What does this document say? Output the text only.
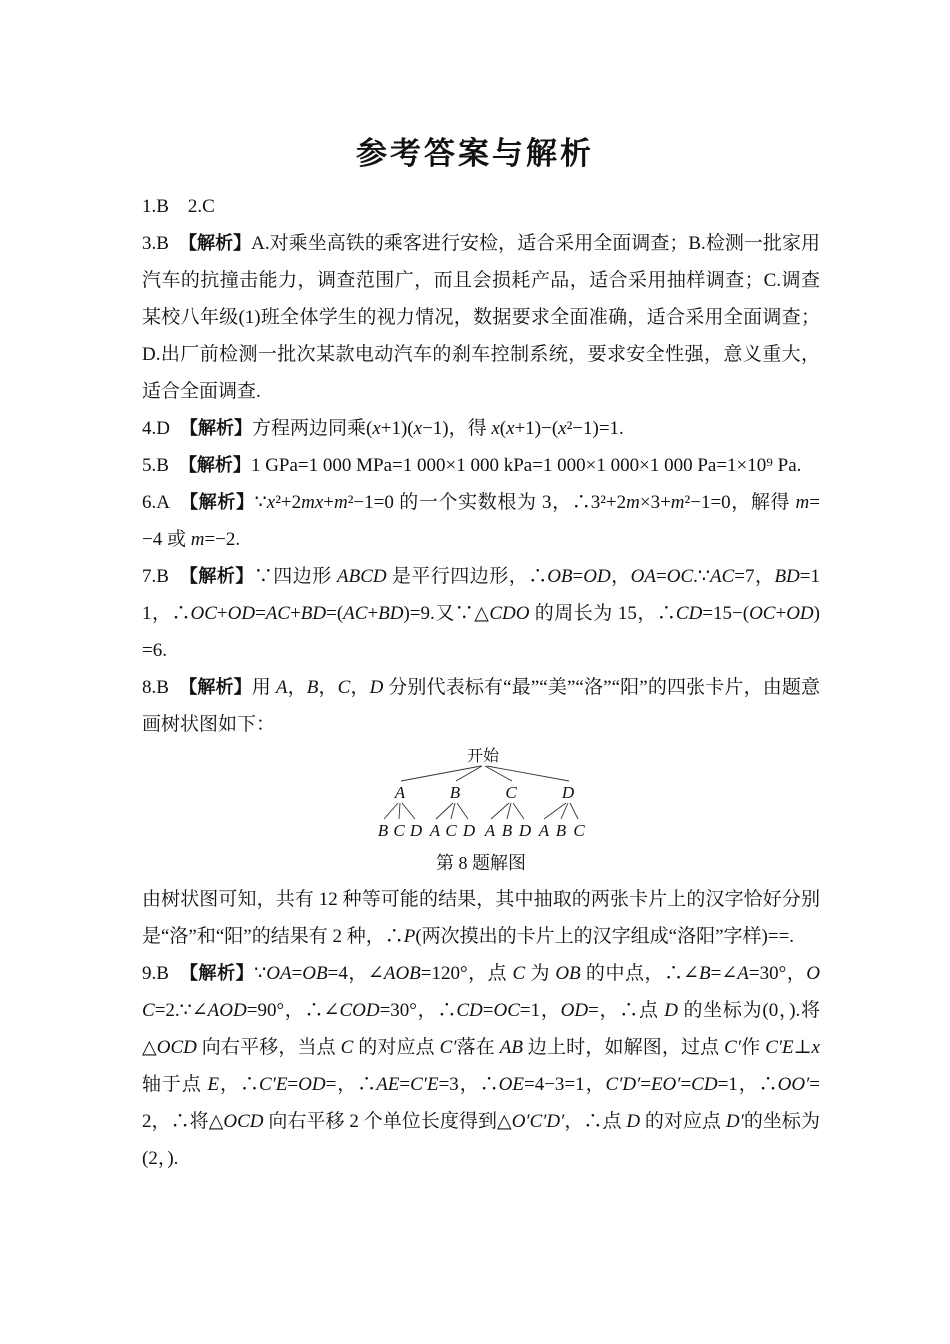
参考答案与解析

1.B　2.C

3.B　【解析】A.对乘坐高铁的乘客进行安检，适合采用全面调查；B.检测一批家用汽车的抗撞击能力，调查范围广，而且会损耗产品，适合采用抽样调查；C.调查某校八年级(1)班全体学生的视力情况，数据要求全面准确，适合采用全面调查；D.出厂前检测一批次某款电动汽车的刹车控制系统，要求安全性强，意义重大，适合全面调查.

4.D　【解析】方程两边同乘(x+1)(x−1)，得 x(x+1)−(x²−1)=1.

5.B　【解析】1 GPa=1 000 MPa=1 000×1 000 kPa=1 000×1 000×1 000 Pa=1×10⁹ Pa.

6.A　【解析】∵x²+2mx+m²−1=0 的一个实数根为 3，∴3²+2m×3+m²−1=0，解得 m=−4 或 m=−2.

7.B　【解析】∵四边形 ABCD 是平行四边形，∴OB=OD，OA=OC.∵AC=7，BD=11，∴OC+OD=AC+BD=(AC+BD)=9.又∵△CDO 的周长为 15，∴CD=15−(OC+OD)=6.

8.B　【解析】用 A，B，C，D 分别代表标有“最”“美”“洛”“阳”的四张卡片，由题意画树状图如下：

开始
A	B	C	D
B C D A C D A B D A B C

第 8 题解图

由树状图可知，共有 12 种等可能的结果，其中抽取的两张卡片上的汉字恰好分别是“洛”和“阳”的结果有 2 种，∴P(两次摸出的卡片上的汉字组成“洛阳”字样)==.

9.B　【解析】∵OA=OB=4，∠AOB=120°，点 C 为 OB 的中点，∴∠B=∠A=30°，OC=2.∵∠AOD=90°，∴∠COD=30°，∴CD=OC=1，OD=，∴点 D 的坐标为(0，).将△OCD 向右平移，当点 C 的对应点 C′落在 AB 边上时，如解图，过点 C′作 C′E⊥x 轴于点 E，∴C′E=OD=，∴AE=C′E=3，∴OE=4−3=1，C′D′=EO′=CD=1，∴OO′=2，∴将△OCD 向右平移 2 个单位长度得到△O′C′D′，∴点 D 的对应点 D′的坐标为(2，).
